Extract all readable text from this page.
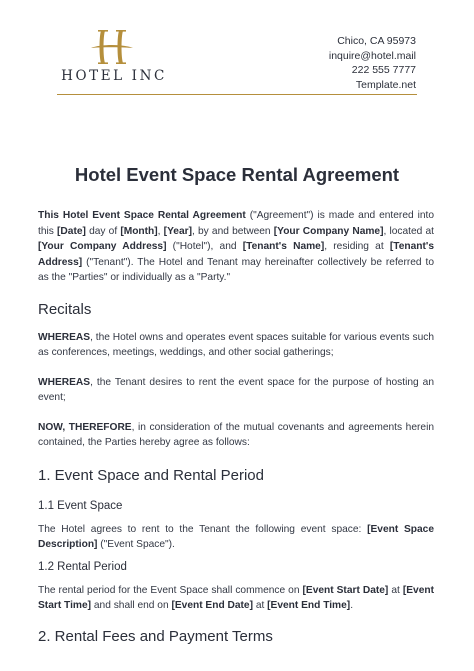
HOTEL INC
Chico, CA 95973
inquire@hotel.mail
222 555 7777
Template.net
Hotel Event Space Rental Agreement

This Hotel Event Space Rental Agreement ("Agreement") is made and entered into this [Date] day of [Month], [Year], by and between [Your Company Name], located at [Your Company Address] ("Hotel"), and [Tenant's Name], residing at [Tenant's Address] ("Tenant"). The Hotel and Tenant may hereinafter collectively be referred to as the "Parties" or individually as a "Party."

Recitals

WHEREAS, the Hotel owns and operates event spaces suitable for various events such as conferences, meetings, weddings, and other social gatherings;

WHEREAS, the Tenant desires to rent the event space for the purpose of hosting an event;

NOW, THEREFORE, in consideration of the mutual covenants and agreements herein contained, the Parties hereby agree as follows:

1. Event Space and Rental Period
1.1 Event Space

The Hotel agrees to rent to the Tenant the following event space: [Event Space Description] ("Event Space").

1.2 Rental Period

The rental period for the Event Space shall commence on [Event Start Date] at [Event Start Time] and shall end on [Event End Date] at [Event End Time].

2. Rental Fees and Payment Terms
